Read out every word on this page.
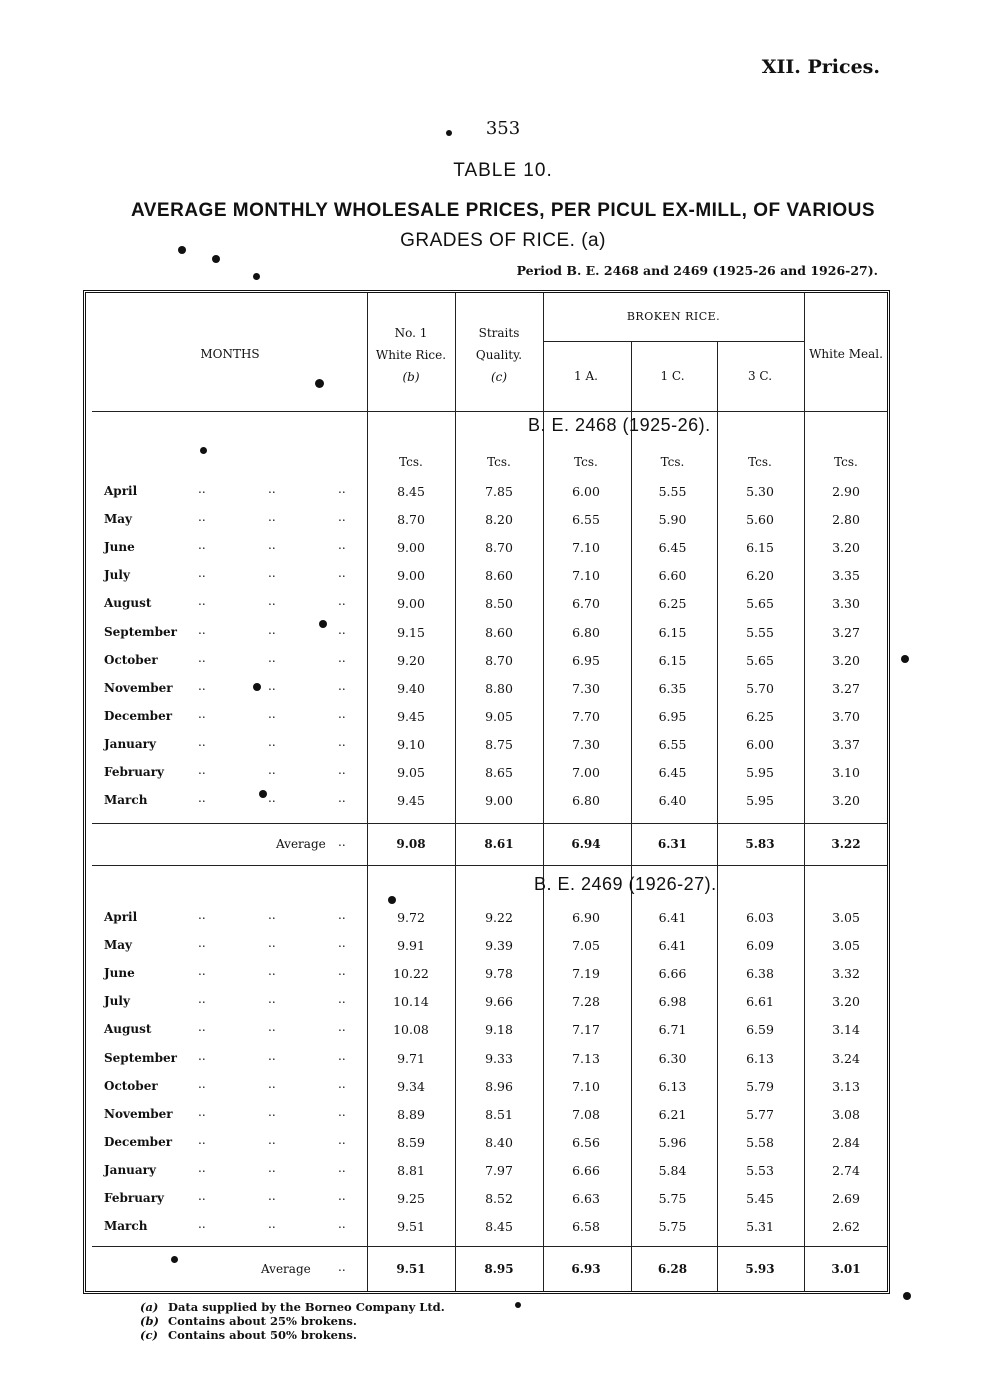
XII. Prices.
353
TABLE 10.
AVERAGE MONTHLY WHOLESALE PRICES, PER PICUL EX-MILL, OF VARIOUS
GRADES OF RICE. (a)
Period B. E. 2468 and 2469 (1925-26 and 1926-27).
MONTHS
No. 1
White Rice.
(b)
Straits
Quality.
(c)
BROKEN RICE.
1 A.	1 C.	3 C.
White Meal.
B. E. 2468 (1925-26).
Tcs.	Tcs.	Tcs.	Tcs.	Tcs.	Tcs.
April	..	..	..	8.45	7.85	6.00	5.55	5.30	2.90
May	..	..	..	8.70	8.20	6.55	5.90	5.60	2.80
June	..	..	..	9.00	8.70	7.10	6.45	6.15	3.20
July	..	..	..	9.00	8.60	7.10	6.60	6.20	3.35
August	..	..	..	9.00	8.50	6.70	6.25	5.65	3.30
September ..	..	..	9.15	8.60	6.80	6.15	5.55	3.27
October	..	..	..	9.20	8.70	6.95	6.15	5.65	3.20
November ..	..	..	9.40	8.80	7.30	6.35	5.70	3.27
December ..	..	..	9.45	9.05	7.70	6.95	6.25	3.70
January	..	..	..	9.10	8.75	7.30	6.55	6.00	3.37
February	..	..	..	9.05	8.65	7.00	6.45	5.95	3.10
March	..	..	..	9.45	9.00	6.80	6.40	5.95	3.20
Average ..	9.08	8.61	6.94	6.31	5.83	3.22
B. E. 2469 (1926-27).
April	..	..	..	9.72	9.22	6.90	6.41	6.03	3.05
May	..	..	..	9.91	9.39	7.05	6.41	6.09	3.05
June	..	..	..	10.22	9.78	7.19	6.66	6.38	3.32
July	..	..	..	10.14	9.66	7.28	6.98	6.61	3.20
August	..	..	..	10.08	9.18	7.17	6.71	6.59	3.14
September ..	..	..	9.71	9.33	7.13	6.30	6.13	3.24
October	..	..	..	9.34	8.96	7.10	6.13	5.79	3.13
November ..	..	..	8.89	8.51	7.08	6.21	5.77	3.08
December ..	..	..	8.59	8.40	6.56	5.96	5.58	2.84
January	..	..	..	8.81	7.97	6.66	5.84	5.53	2.74
February	..	..	..	9.25	8.52	6.63	5.75	5.45	2.69
March	..	..	..	9.51	8.45	6.58	5.75	5.31	2.62
Average ..	9.51	8.95	6.93	6.28	5.93	3.01
(a) Data supplied by the Borneo Company Ltd.
(b) Contains about 25% brokens.
(c) Contains about 50% brokens.
